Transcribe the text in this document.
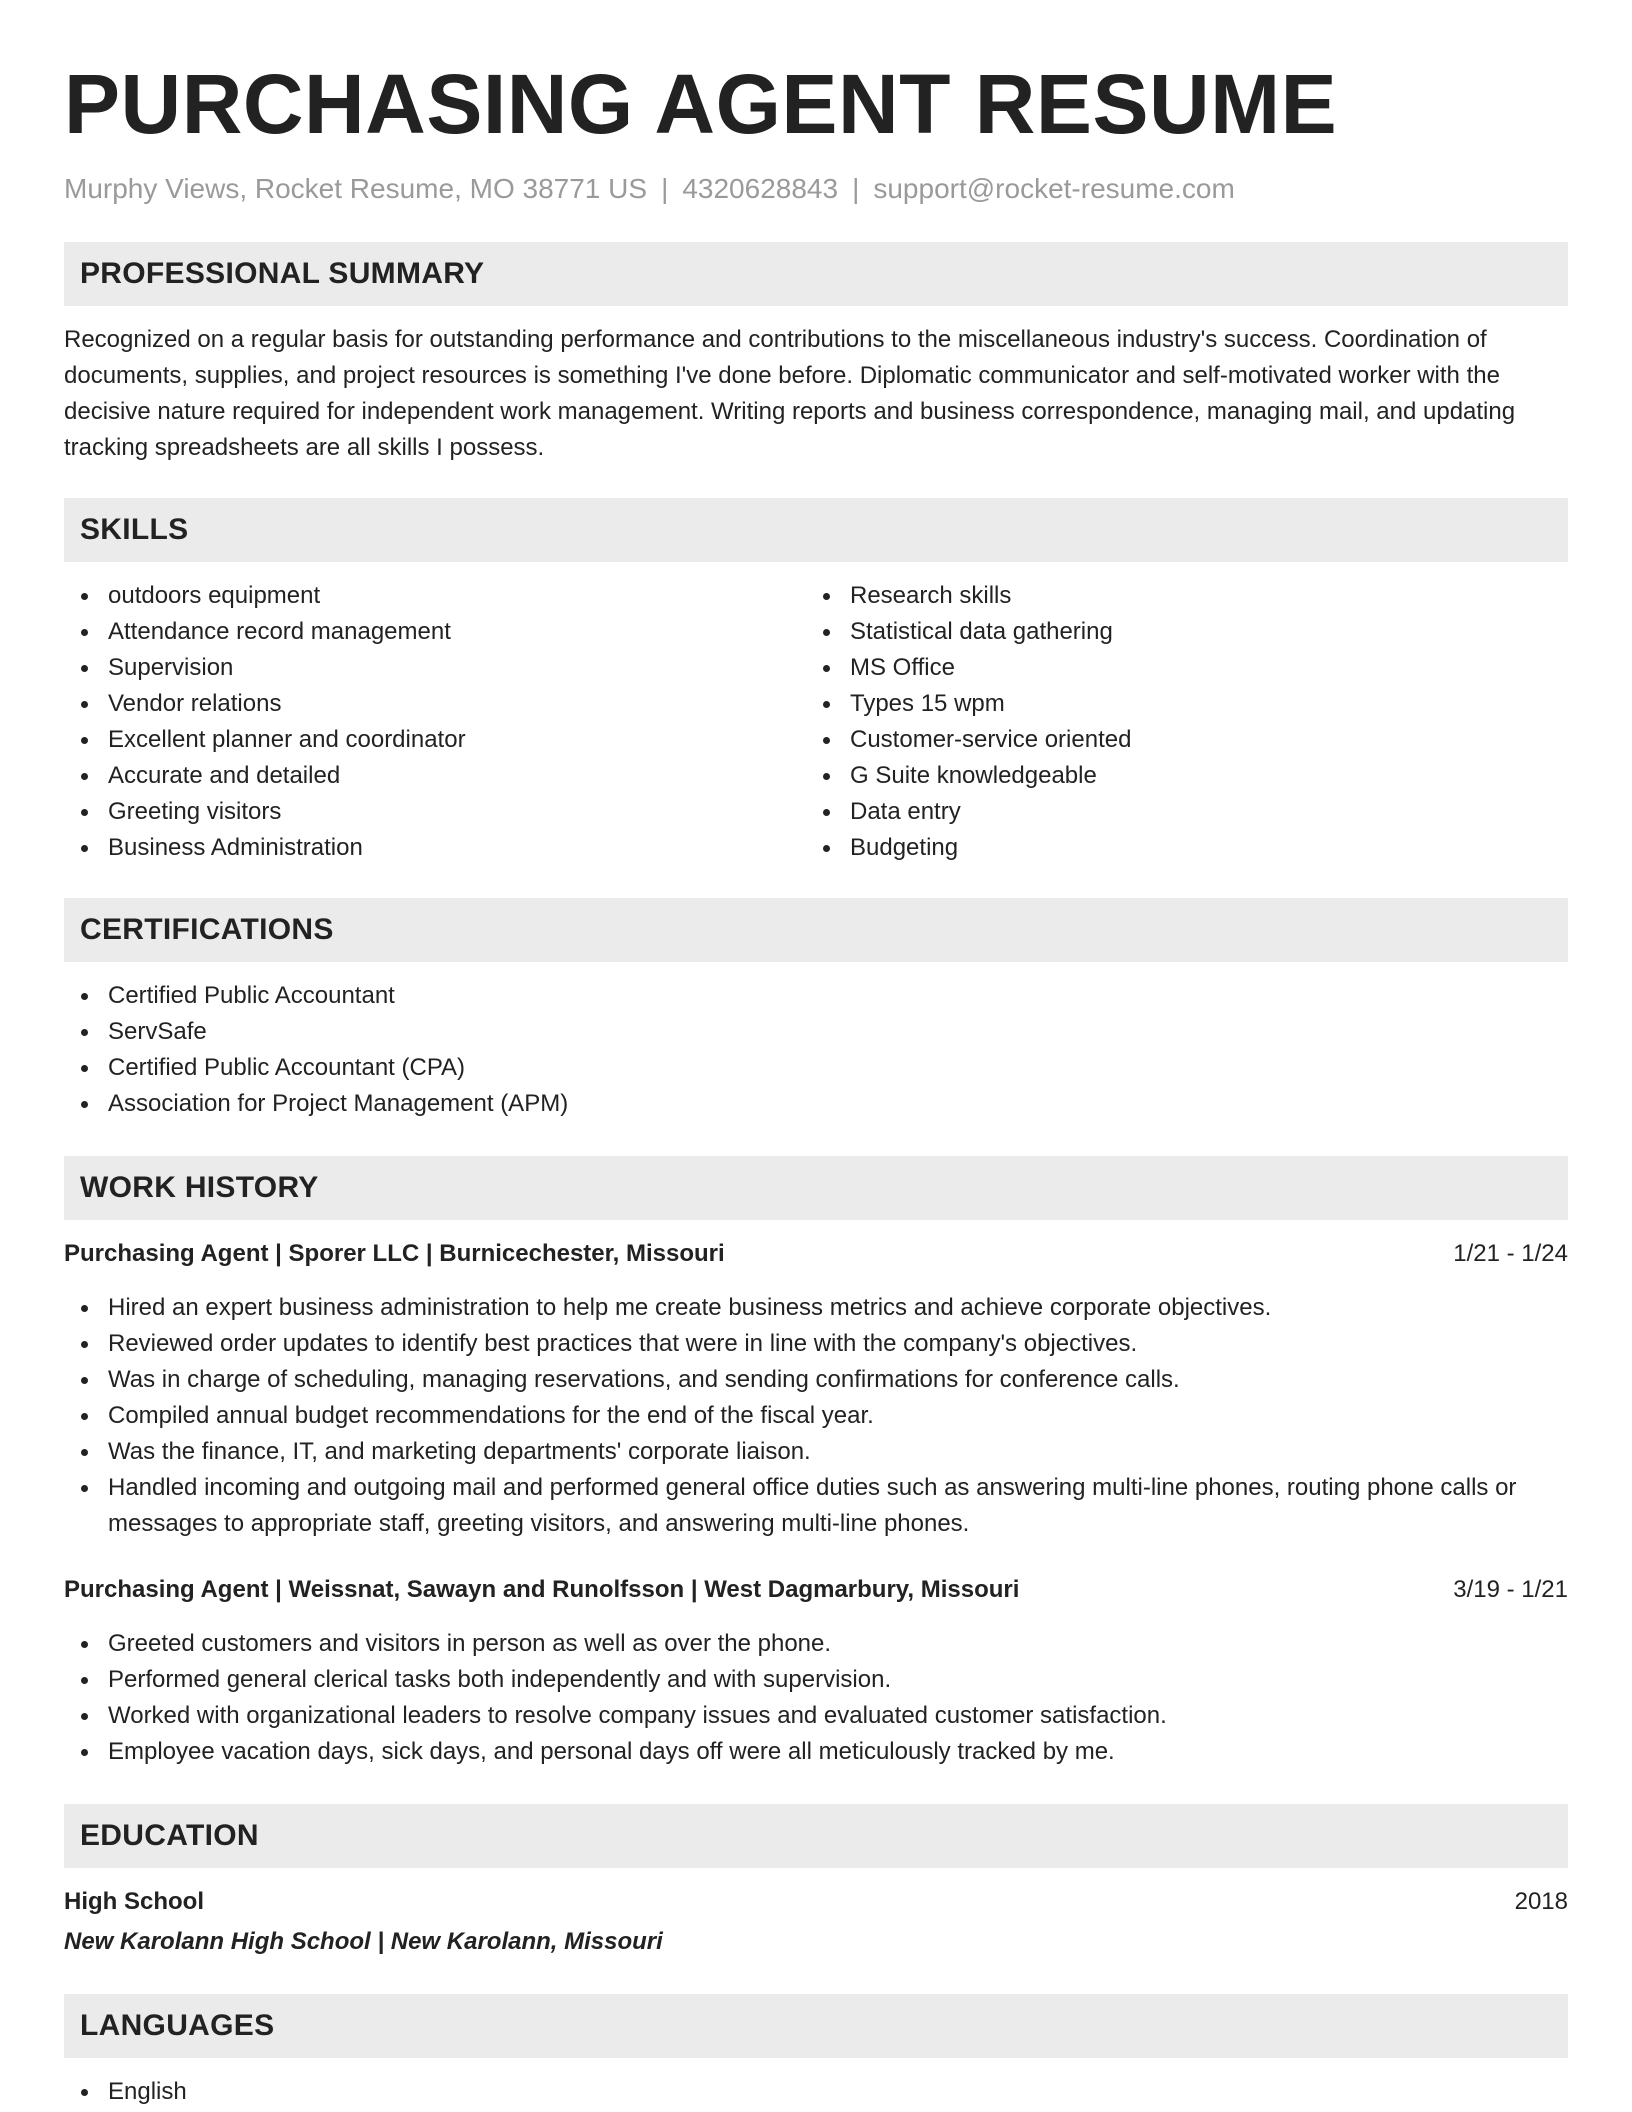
PURCHASING AGENT RESUME
Murphy Views, Rocket Resume, MO 38771 US | 4320628843 | support@rocket-resume.com
PROFESSIONAL SUMMARY
Recognized on a regular basis for outstanding performance and contributions to the miscellaneous industry's success. Coordination of documents, supplies, and project resources is something I've done before. Diplomatic communicator and self-motivated worker with the decisive nature required for independent work management. Writing reports and business correspondence, managing mail, and updating tracking spreadsheets are all skills I possess.
SKILLS
outdoors equipment
Attendance record management
Supervision
Vendor relations
Excellent planner and coordinator
Accurate and detailed
Greeting visitors
Business Administration
Research skills
Statistical data gathering
MS Office
Types 15 wpm
Customer-service oriented
G Suite knowledgeable
Data entry
Budgeting
CERTIFICATIONS
Certified Public Accountant
ServSafe
Certified Public Accountant (CPA)
Association for Project Management (APM)
WORK HISTORY
Purchasing Agent | Sporer LLC | Burnicechester, Missouri	1/21 - 1/24
Hired an expert business administration to help me create business metrics and achieve corporate objectives.
Reviewed order updates to identify best practices that were in line with the company's objectives.
Was in charge of scheduling, managing reservations, and sending confirmations for conference calls.
Compiled annual budget recommendations for the end of the fiscal year.
Was the finance, IT, and marketing departments' corporate liaison.
Handled incoming and outgoing mail and performed general office duties such as answering multi-line phones, routing phone calls or messages to appropriate staff, greeting visitors, and answering multi-line phones.
Purchasing Agent | Weissnat, Sawayn and Runolfsson | West Dagmarbury, Missouri	3/19 - 1/21
Greeted customers and visitors in person as well as over the phone.
Performed general clerical tasks both independently and with supervision.
Worked with organizational leaders to resolve company issues and evaluated customer satisfaction.
Employee vacation days, sick days, and personal days off were all meticulously tracked by me.
EDUCATION
High School	2018
New Karolann High School | New Karolann, Missouri
LANGUAGES
English
